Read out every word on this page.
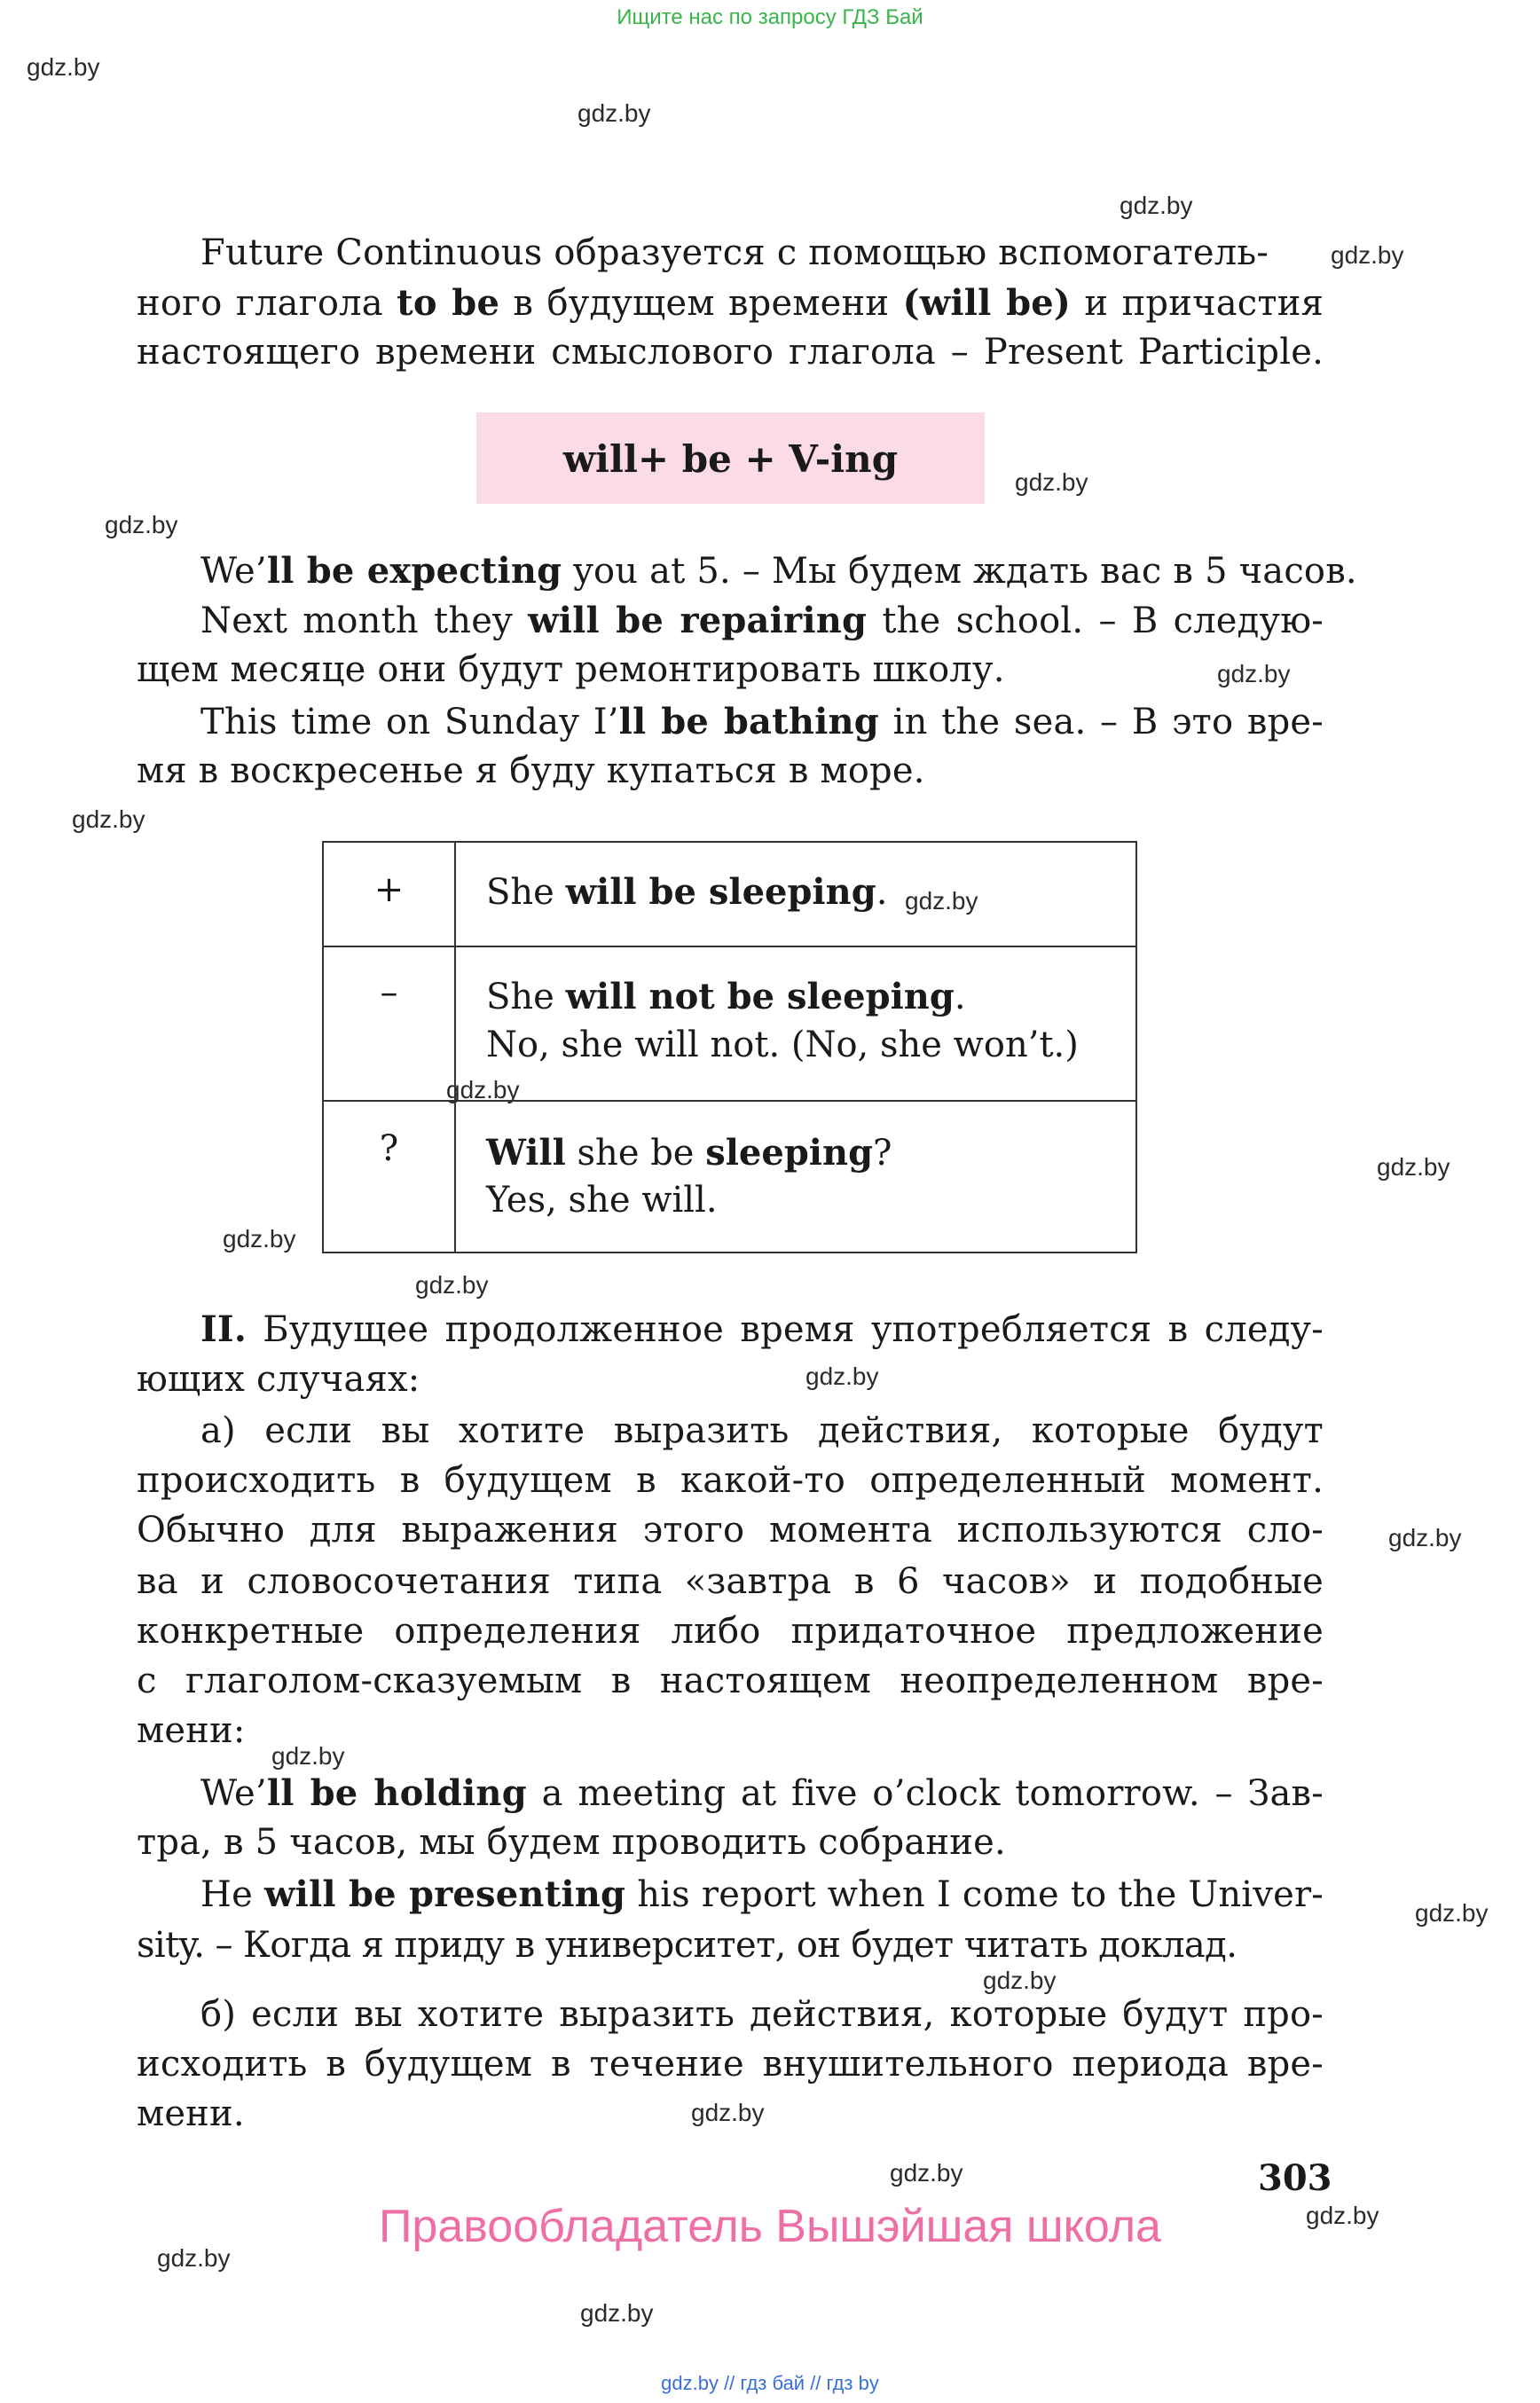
Ищите нас по запросу ГДЗ Бай
gdz.by
gdz.by
gdz.by
gdz.by
gdz.by
gdz.by
gdz.by
gdz.by
gdz.by
gdz.by
gdz.by
gdz.by
gdz.by
gdz.by
gdz.by
gdz.by
gdz.by
gdz.by
gdz.by
gdz.by
gdz.by
gdz.by
gdz.by
Future Continuous образуется с помощью вспомогатель-
ного глагола to be в будущем времени (will be) и причастия
настоящего времени смыслового глагола – Present Participle.
will+ be + V-ing
We’ll be expecting you at 5. – Мы будем ждать вас в 5 часов.
Next month they will be repairing the school. – В следую-
щем месяце они будут ремонтировать школу.
This time on Sunday I’ll be bathing in the sea. – В это вре-
мя в воскресенье я буду купаться в море.
+	She will be sleeping.
–	She will not be sleeping.
No, she will not. (No, she won’t.)
?	Will she be sleeping?
Yes, she will.
II. Будущее продолженное время употребляется в следу-
ющих случаях:
а) если вы хотите выразить действия, которые будут
происходить в будущем в какой-то определенный момент.
Обычно для выражения этого момента используются сло-
ва и словосочетания типа «завтра в 6 часов» и подобные
конкретные определения либо придаточное предложение
с глаголом-сказуемым в настоящем неопределенном вре-
мени:
We’ll be holding a meeting at five o’clock tomorrow. – Зав-
тра, в 5 часов, мы будем проводить собрание.
He will be presenting his report when I come to the Univer-
sity. – Когда я приду в университет, он будет читать доклад.
б) если вы хотите выразить действия, которые будут про-
исходить в будущем в течение внушительного периода вре-
мени.
303
Правообладатель Вышэйшая школа
gdz.by // гдз бай // гдз by
